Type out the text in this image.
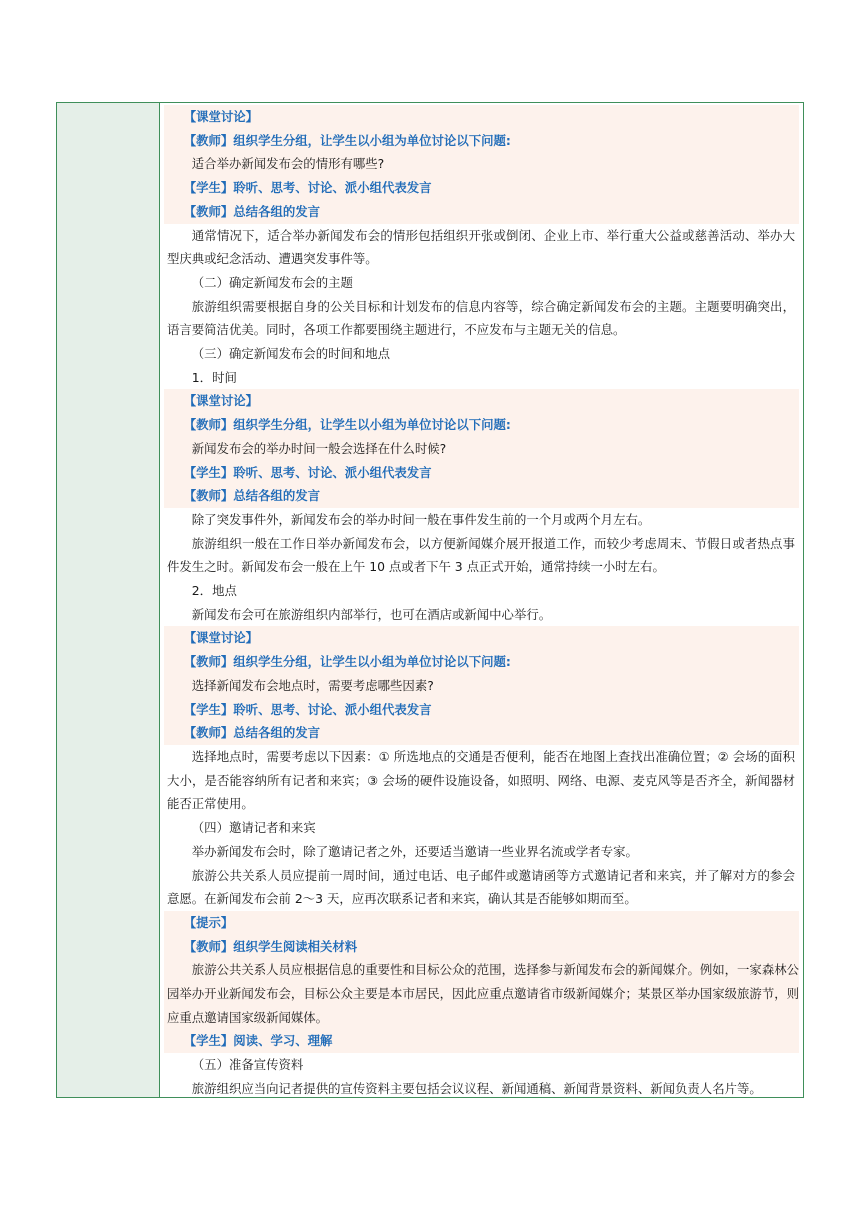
【课堂讨论】
【教师】组织学生分组，让学生以小组为单位讨论以下问题:
适合举办新闻发布会的情形有哪些?
【学生】聆听、思考、讨论、派小组代表发言
【教师】总结各组的发言

通常情况下，适合举办新闻发布会的情形包括组织开张或倒闭、企业上市、举行重大公益或慈善活动、举办大型庆典或纪念活动、遭遇突发事件等。

（二）确定新闻发布会的主题

旅游组织需要根据自身的公关目标和计划发布的信息内容等，综合确定新闻发布会的主题。主题要明确突出，语言要简洁优美。同时，各项工作都要围绕主题进行，不应发布与主题无关的信息。

（三）确定新闻发布会的时间和地点
1．时间
【课堂讨论】
【教师】组织学生分组，让学生以小组为单位讨论以下问题:
新闻发布会的举办时间一般会选择在什么时候?
【学生】聆听、思考、讨论、派小组代表发言
【教师】总结各组的发言

除了突发事件外，新闻发布会的举办时间一般在事件发生前的一个月或两个月左右。

旅游组织一般在工作日举办新闻发布会，以方便新闻媒介展开报道工作，而较少考虑周末、节假日或者热点事件发生之时。新闻发布会一般在上午 10 点或者下午 3 点正式开始，通常持续一小时左右。

2．地点

新闻发布会可在旅游组织内部举行，也可在酒店或新闻中心举行。

【课堂讨论】
【教师】组织学生分组，让学生以小组为单位讨论以下问题:
选择新闻发布会地点时，需要考虑哪些因素?
【学生】聆听、思考、讨论、派小组代表发言
【教师】总结各组的发言

选择地点时，需要考虑以下因素：① 所选地点的交通是否便利，能否在地图上查找出准确位置；② 会场的面积大小，是否能容纳所有记者和来宾；③ 会场的硬件设施设备，如照明、网络、电源、麦克风等是否齐全，新闻器材能否正常使用。

（四）邀请记者和来宾

举办新闻发布会时，除了邀请记者之外，还要适当邀请一些业界名流或学者专家。

旅游公共关系人员应提前一周时间，通过电话、电子邮件或邀请函等方式邀请记者和来宾，并了解对方的参会意愿。在新闻发布会前 2～3 天，应再次联系记者和来宾，确认其是否能够如期而至。

【提示】
【教师】组织学生阅读相关材料

旅游公共关系人员应根据信息的重要性和目标公众的范围，选择参与新闻发布会的新闻媒介。例如，一家森林公园举办开业新闻发布会，目标公众主要是本市居民，因此应重点邀请省市级新闻媒介；某景区举办国家级旅游节，则应重点邀请国家级新闻媒体。

【学生】阅读、学习、理解
（五）准备宣传资料

旅游组织应当向记者提供的宣传资料主要包括会议议程、新闻通稿、新闻背景资料、新闻负责人名片等。
